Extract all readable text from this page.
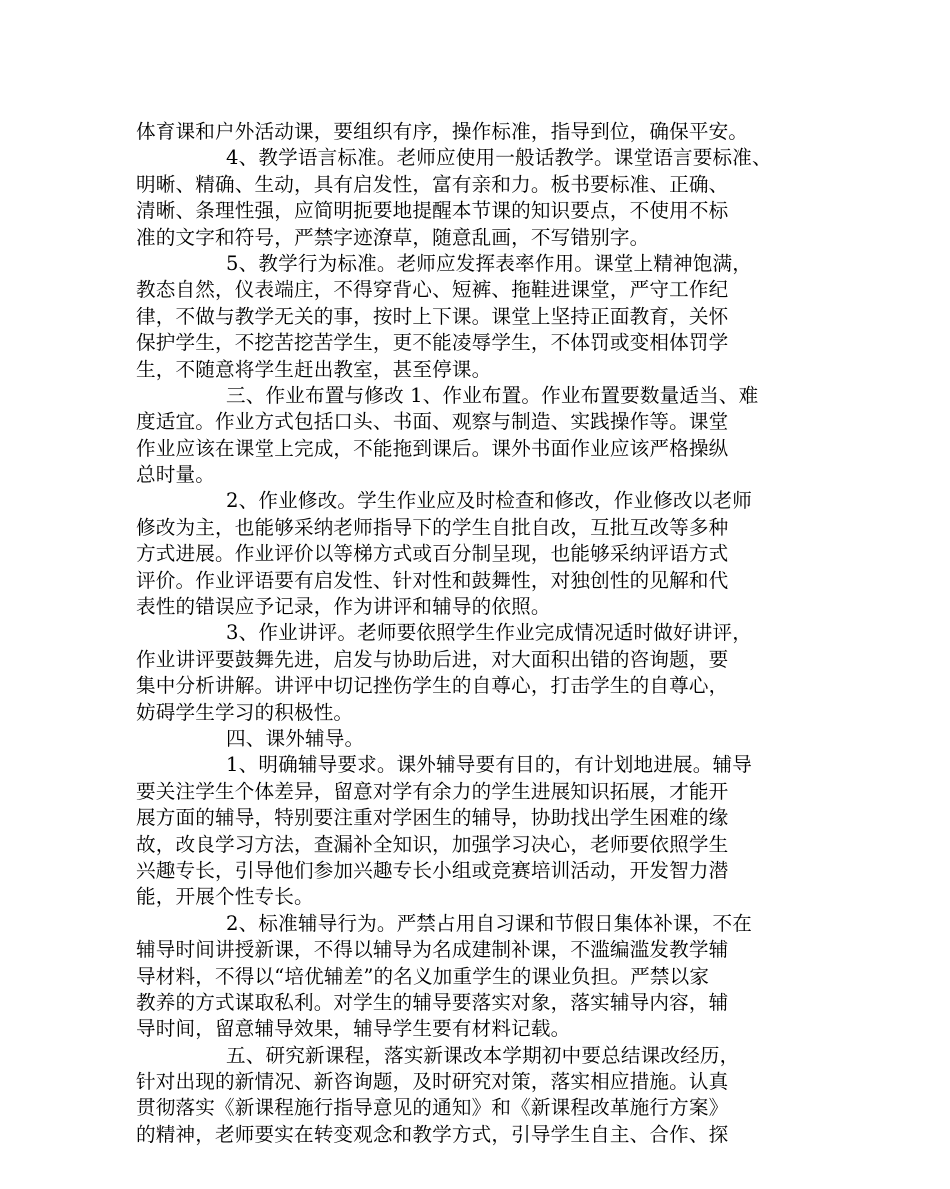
体育课和户外活动课，要组织有序，操作标准，指导到位，确保平安。
4、教学语言标准。老师应使用一般话教学。课堂语言要标准、
明晰、精确、生动，具有启发性，富有亲和力。板书要标准、正确、
清晰、条理性强，应简明扼要地提醒本节课的知识要点，不使用不标
准的文字和符号，严禁字迹潦草，随意乱画，不写错别字。
5、教学行为标准。老师应发挥表率作用。课堂上精神饱满，
教态自然，仪表端庄，不得穿背心、短裤、拖鞋进课堂，严守工作纪
律，不做与教学无关的事，按时上下课。课堂上坚持正面教育，关怀
保护学生，不挖苦挖苦学生，更不能凌辱学生，不体罚或变相体罚学
生，不随意将学生赶出教室，甚至停课。
三、作业布置与修改 1、作业布置。作业布置要数量适当、难
度适宜。作业方式包括口头、书面、观察与制造、实践操作等。课堂
作业应该在课堂上完成，不能拖到课后。课外书面作业应该严格操纵
总时量。
2、作业修改。学生作业应及时检查和修改，作业修改以老师
修改为主，也能够采纳老师指导下的学生自批自改，互批互改等多种
方式进展。作业评价以等梯方式或百分制呈现，也能够采纳评语方式
评价。作业评语要有启发性、针对性和鼓舞性，对独创性的见解和代
表性的错误应予记录，作为讲评和辅导的依照。
3、作业讲评。老师要依照学生作业完成情况适时做好讲评，
作业讲评要鼓舞先进，启发与协助后进，对大面积出错的咨询题，要
集中分析讲解。讲评中切记挫伤学生的自尊心，打击学生的自尊心，
妨碍学生学习的积极性。
四、课外辅导。
1、明确辅导要求。课外辅导要有目的，有计划地进展。辅导
要关注学生个体差异，留意对学有余力的学生进展知识拓展，才能开
展方面的辅导，特别要注重对学困生的辅导，协助找出学生困难的缘
故，改良学习方法，查漏补全知识，加强学习决心，老师要依照学生
兴趣专长，引导他们参加兴趣专长小组或竞赛培训活动，开发智力潜
能，开展个性专长。
2、标准辅导行为。严禁占用自习课和节假日集体补课，不在
辅导时间讲授新课，不得以辅导为名成建制补课，不滥编滥发教学辅
导材料，不得以“培优辅差”的名义加重学生的课业负担。严禁以家
教养的方式谋取私利。对学生的辅导要落实对象，落实辅导内容，辅
导时间，留意辅导效果，辅导学生要有材料记载。
五、研究新课程，落实新课改本学期初中要总结课改经历，
针对出现的新情况、新咨询题，及时研究对策，落实相应措施。认真
贯彻落实《新课程施行指导意见的通知》和《新课程改革施行方案》
的精神，老师要实在转变观念和教学方式，引导学生自主、合作、探
